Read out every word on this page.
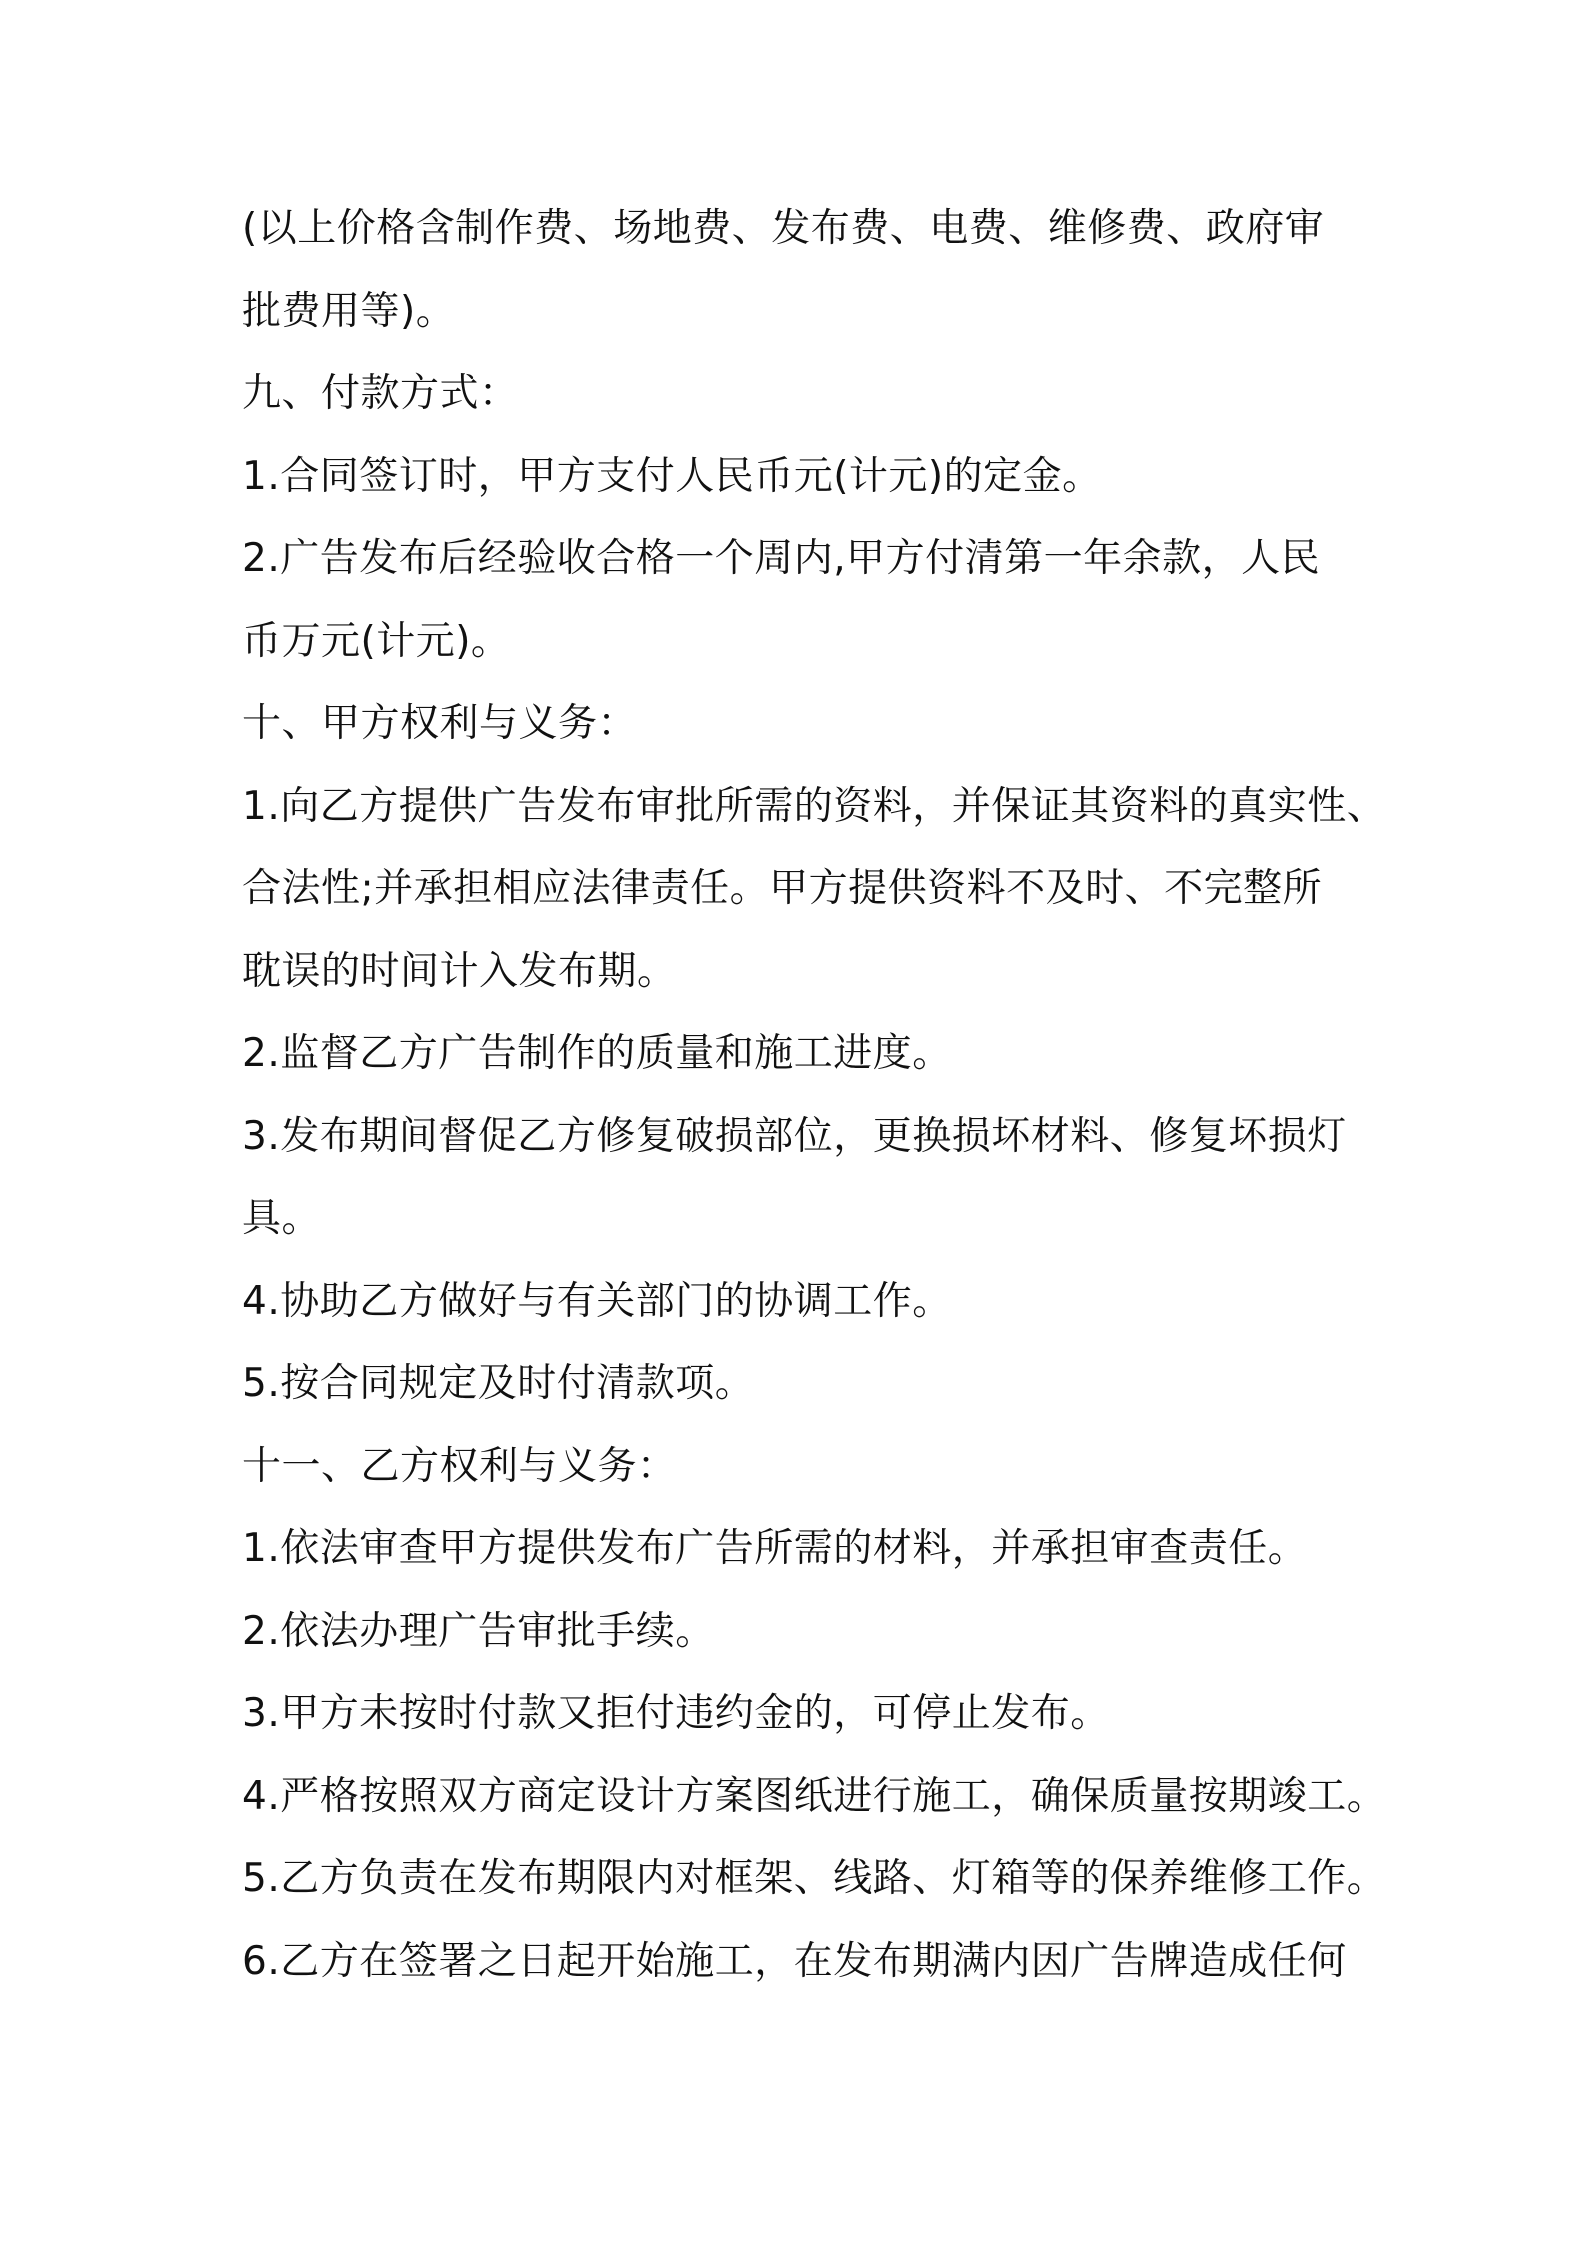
(以上价格含制作费、场地费、发布费、电费、维修费、政府审
批费用等)。
九、付款方式：
1.合同签订时，甲方支付人民币元(计元)的定金。
2.广告发布后经验收合格一个周内,甲方付清第一年余款，人民
币万元(计元)。
十、甲方权利与义务：
1.向乙方提供广告发布审批所需的资料，并保证其资料的真实性、
合法性;并承担相应法律责任。甲方提供资料不及时、不完整所
耽误的时间计入发布期。
2.监督乙方广告制作的质量和施工进度。
3.发布期间督促乙方修复破损部位，更换损坏材料、修复坏损灯
具。
4.协助乙方做好与有关部门的协调工作。
5.按合同规定及时付清款项。
十一、乙方权利与义务：
1.依法审查甲方提供发布广告所需的材料，并承担审查责任。
2.依法办理广告审批手续。
3.甲方未按时付款又拒付违约金的，可停止发布。
4.严格按照双方商定设计方案图纸进行施工，确保质量按期竣工。
5.乙方负责在发布期限内对框架、线路、灯箱等的保养维修工作。
6.乙方在签署之日起开始施工，在发布期满内因广告牌造成任何
